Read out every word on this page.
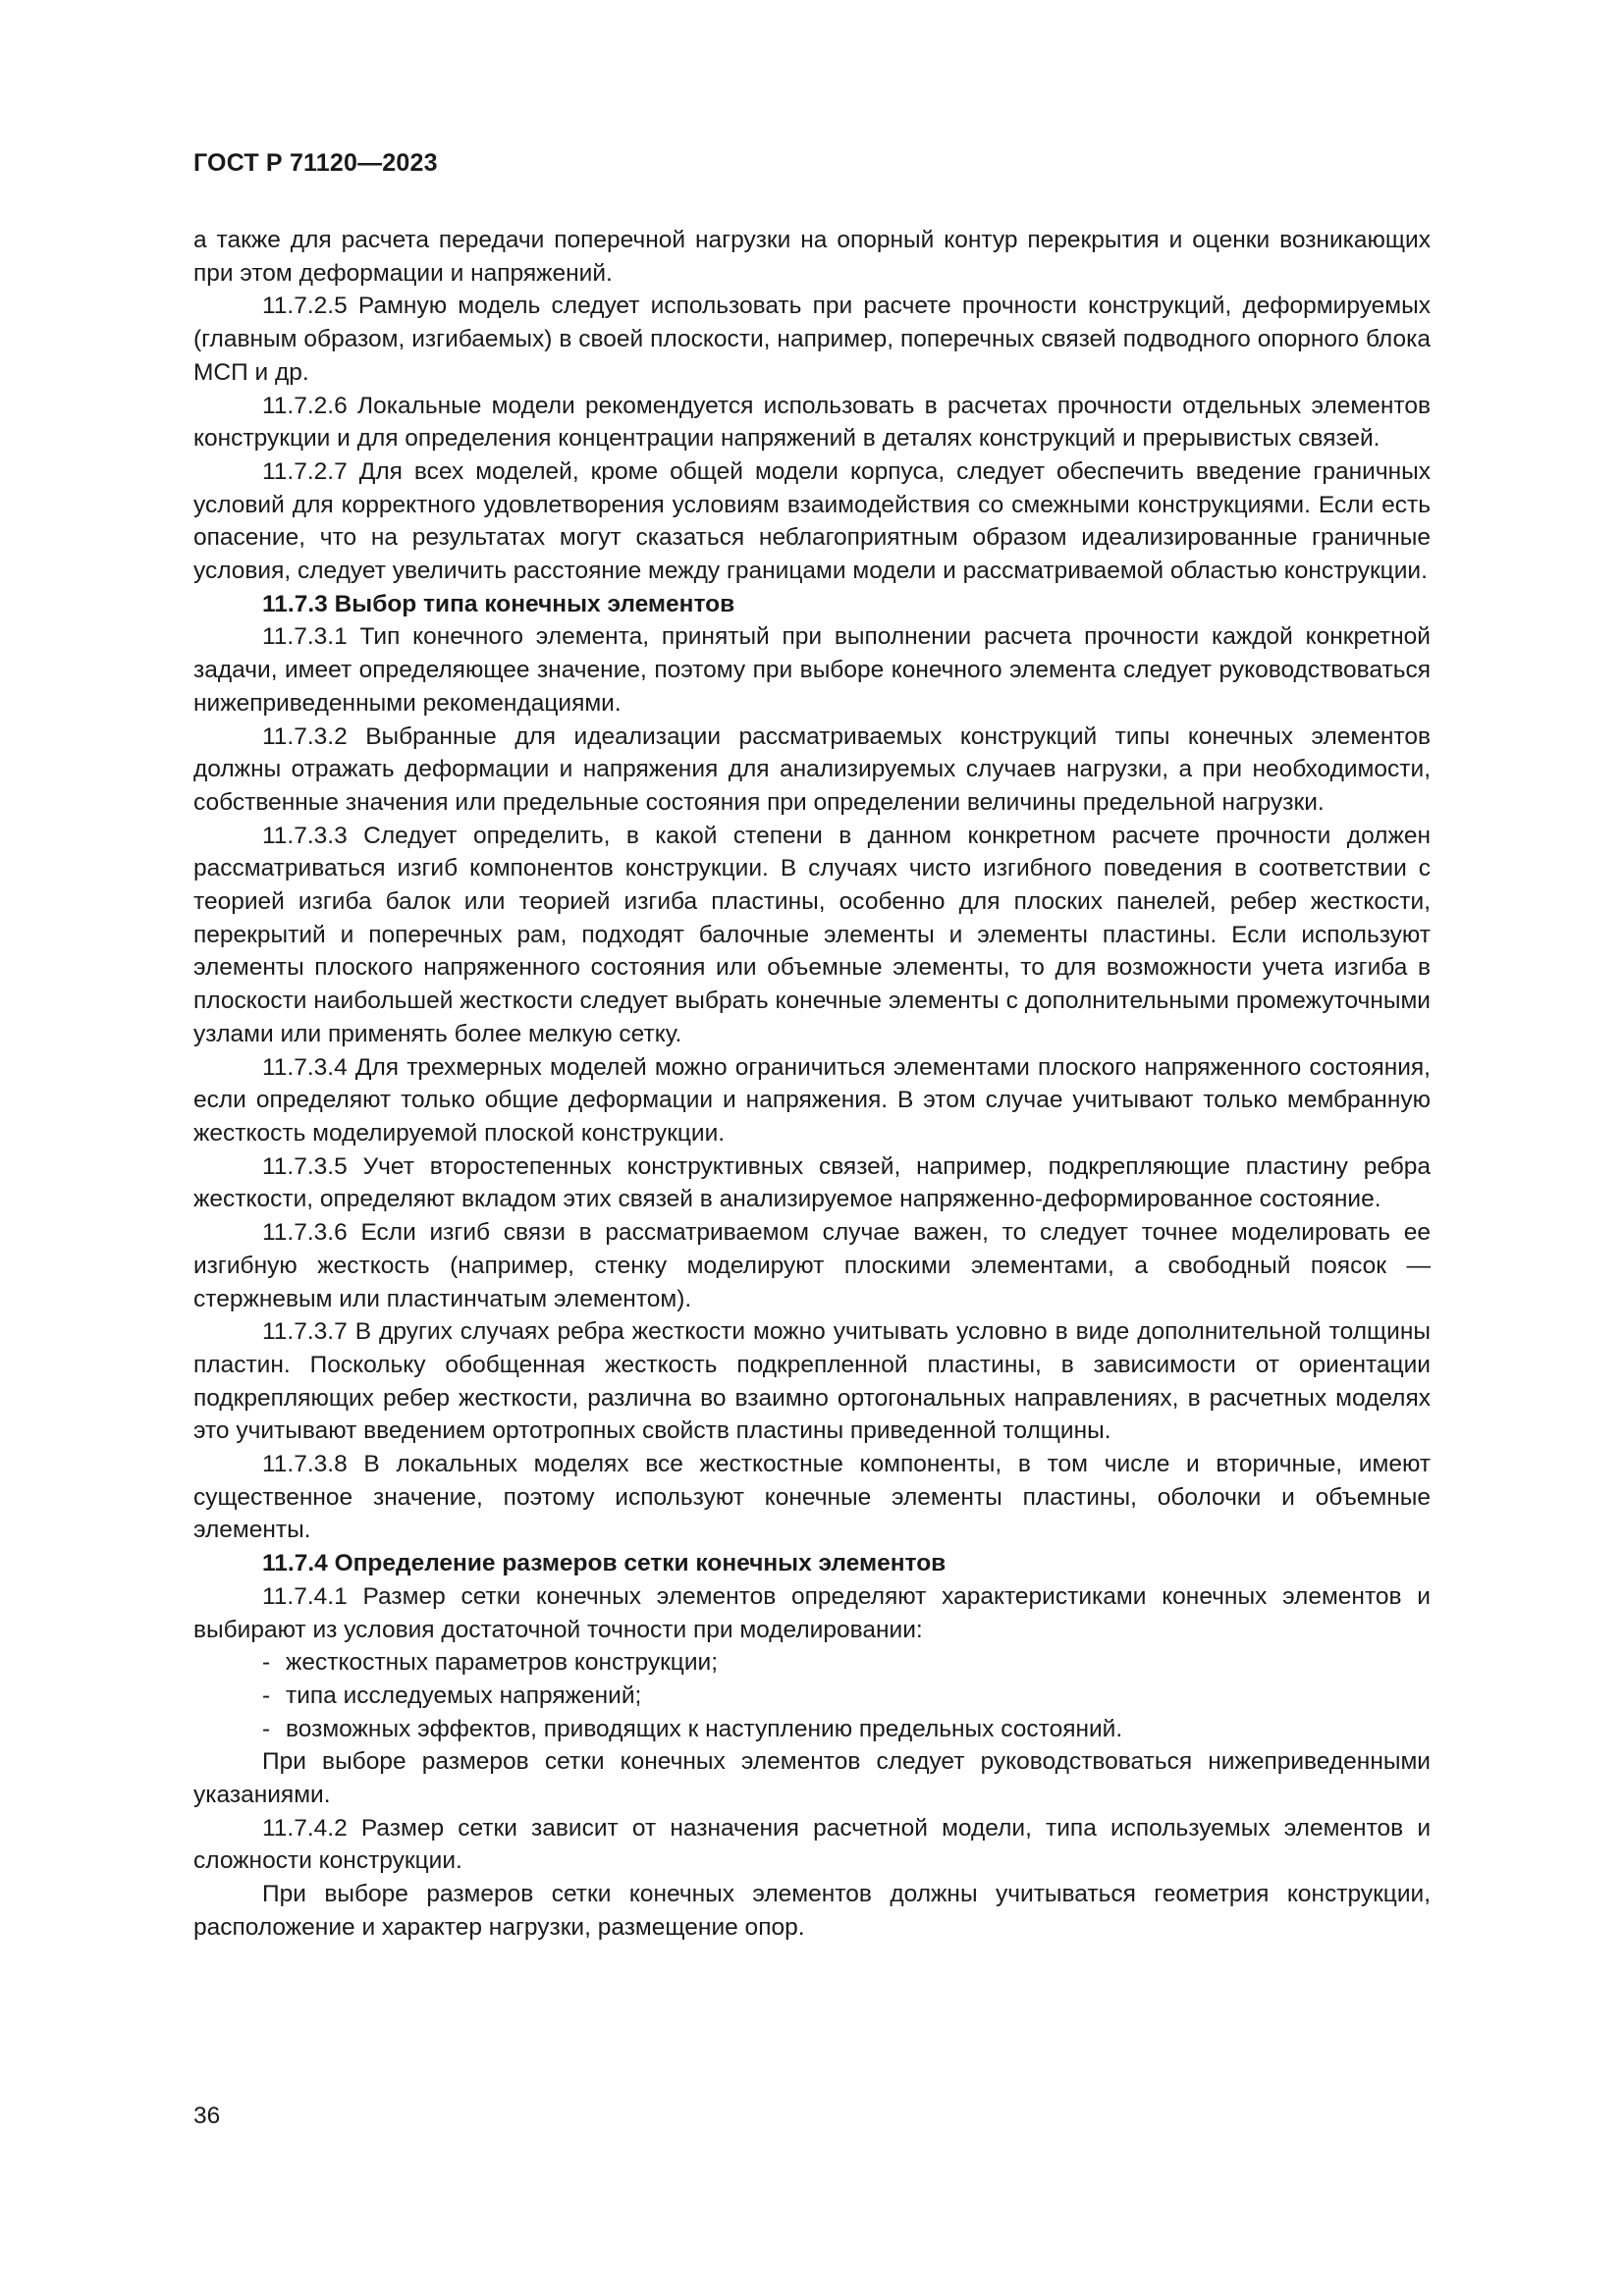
ГОСТ Р 71120—2023

а также для расчета передачи поперечной нагрузки на опорный контур перекрытия и оценки возникающих при этом деформации и напряжений.

11.7.2.5 Рамную модель следует использовать при расчете прочности конструкций, деформируемых (главным образом, изгибаемых) в своей плоскости, например, поперечных связей подводного опорного блока МСП и др.

11.7.2.6 Локальные модели рекомендуется использовать в расчетах прочности отдельных элементов конструкции и для определения концентрации напряжений в деталях конструкций и прерывистых связей.

11.7.2.7 Для всех моделей, кроме общей модели корпуса, следует обеспечить введение граничных условий для корректного удовлетворения условиям взаимодействия со смежными конструкциями. Если есть опасение, что на результатах могут сказаться неблагоприятным образом идеализированные граничные условия, следует увеличить расстояние между границами модели и рассматриваемой областью конструкции.

11.7.3 Выбор типа конечных элементов

11.7.3.1 Тип конечного элемента, принятый при выполнении расчета прочности каждой конкретной задачи, имеет определяющее значение, поэтому при выборе конечного элемента следует руководствоваться нижеприведенными рекомендациями.

11.7.3.2 Выбранные для идеализации рассматриваемых конструкций типы конечных элементов должны отражать деформации и напряжения для анализируемых случаев нагрузки, а при необходимости, собственные значения или предельные состояния при определении величины предельной нагрузки.

11.7.3.3 Следует определить, в какой степени в данном конкретном расчете прочности должен рассматриваться изгиб компонентов конструкции. В случаях чисто изгибного поведения в соответствии с теорией изгиба балок или теорией изгиба пластины, особенно для плоских панелей, ребер жесткости, перекрытий и поперечных рам, подходят балочные элементы и элементы пластины. Если используют элементы плоского напряженного состояния или объемные элементы, то для возможности учета изгиба в плоскости наибольшей жесткости следует выбрать конечные элементы с дополнительными промежуточными узлами или применять более мелкую сетку.

11.7.3.4 Для трехмерных моделей можно ограничиться элементами плоского напряженного состояния, если определяют только общие деформации и напряжения. В этом случае учитывают только мембранную жесткость моделируемой плоской конструкции.

11.7.3.5 Учет второстепенных конструктивных связей, например, подкрепляющие пластину ребра жесткости, определяют вкладом этих связей в анализируемое напряженно-деформированное состояние.

11.7.3.6 Если изгиб связи в рассматриваемом случае важен, то следует точнее моделировать ее изгибную жесткость (например, стенку моделируют плоскими элементами, а свободный поясок — стержневым или пластинчатым элементом).

11.7.3.7 В других случаях ребра жесткости можно учитывать условно в виде дополнительной толщины пластин. Поскольку обобщенная жесткость подкрепленной пластины, в зависимости от ориентации подкрепляющих ребер жесткости, различна во взаимно ортогональных направлениях, в расчетных моделях это учитывают введением ортотропных свойств пластины приведенной толщины.

11.7.3.8 В локальных моделях все жесткостные компоненты, в том числе и вторичные, имеют существенное значение, поэтому используют конечные элементы пластины, оболочки и объемные элементы.

11.7.4 Определение размеров сетки конечных элементов

11.7.4.1 Размер сетки конечных элементов определяют характеристиками конечных элементов и выбирают из условия достаточной точности при моделировании:

- жесткостных параметров конструкции;

- типа исследуемых напряжений;

- возможных эффектов, приводящих к наступлению предельных состояний.

При выборе размеров сетки конечных элементов следует руководствоваться нижеприведенными указаниями.

11.7.4.2 Размер сетки зависит от назначения расчетной модели, типа используемых элементов и сложности конструкции.

При выборе размеров сетки конечных элементов должны учитываться геометрия конструкции, расположение и характер нагрузки, размещение опор.

36
